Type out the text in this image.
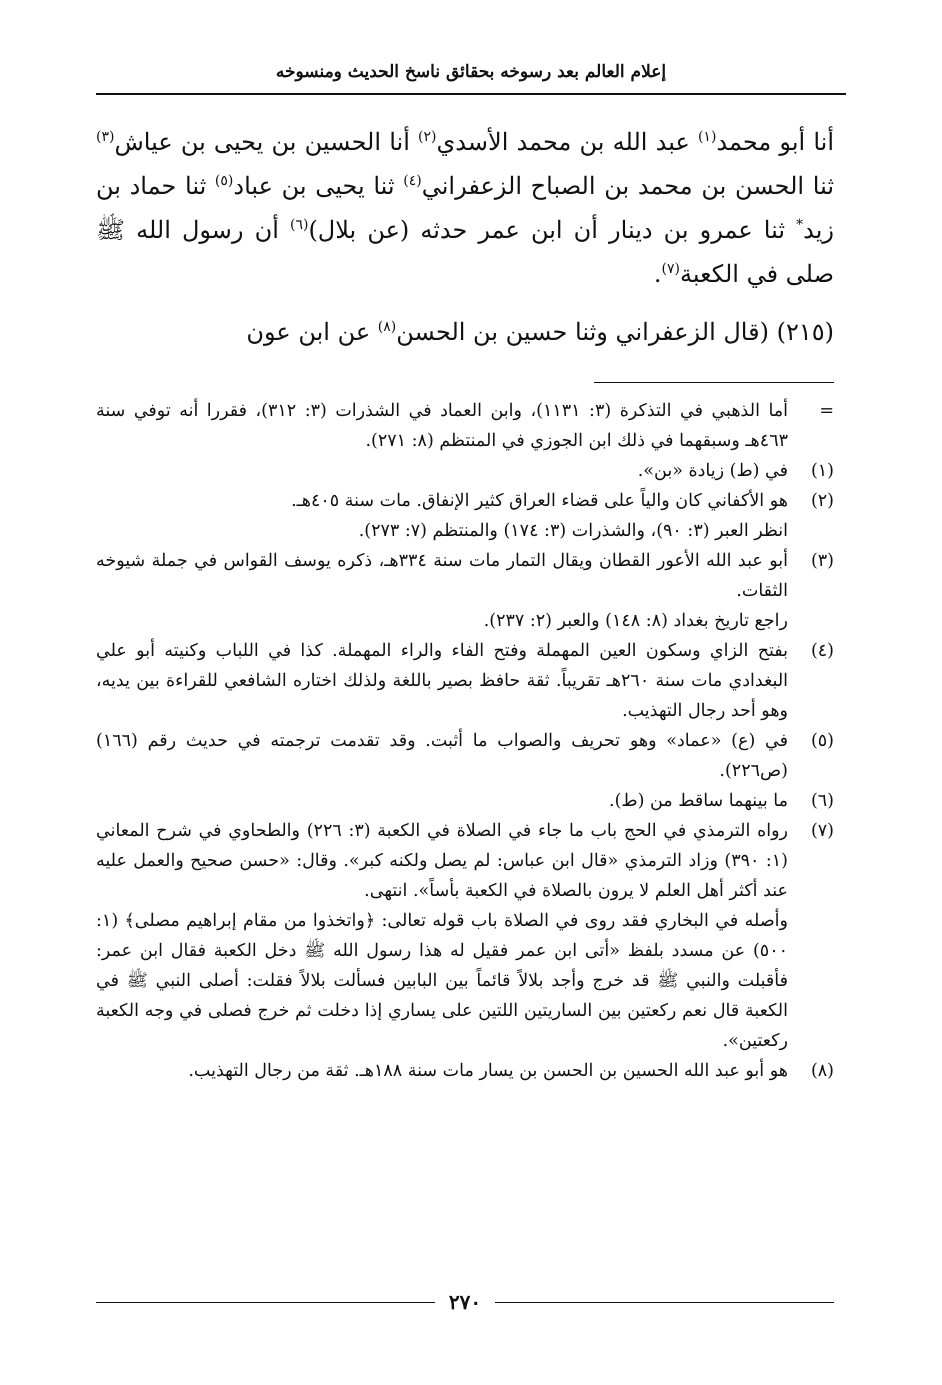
إعلام العالم بعد رسوخه بحقائق ناسخ الحديث ومنسوخه

أنا أبو محمد$^{(١)}$ عبد الله بن محمد الأسدي$^{(٢)}$ أنا الحسين بن يحيى بن عياش$^{(٣)}$ ثنا الحسن بن محمد بن الصباح الزعفراني$^{(٤)}$ ثنا يحيى بن عباد$^{(٥)}$ ثنا حماد بن زيد* ثنا عمرو بن دينار أن ابن عمر حدثه (عن بلال)$^{(٦)}$ أن رسول الله ﷺ صلى في الكعبة$^{(٧)}$.

(٢١٥) (قال الزعفراني وثنا حسين بن الحسن$^{(٨)}$ عن ابن عون

=
أما الذهبي في التذكرة (٣: ١١٣١)، وابن العماد في الشذرات (٣: ٣١٢)، فقررا أنه توفي سنة ٤٦٣هـ وسبقهما في ذلك ابن الجوزي في المنتظم (٨: ٢٧١).
(١)
في (ط) زيادة «بن».
(٢)
هو الأكفاني كان والياً على قضاء العراق كثير الإنفاق. مات سنة ٤٠٥هـ.
انظر العبر (٣: ٩٠)، والشذرات (٣: ١٧٤) والمنتظم (٧: ٢٧٣).
(٣)
أبو عبد الله الأعور القطان ويقال التمار مات سنة ٣٣٤هـ، ذكره يوسف القواس في جملة شيوخه الثقات.
راجع تاريخ بغداد (٨: ١٤٨) والعبر (٢: ٢٣٧).
(٤)
بفتح الزاي وسكون العين المهملة وفتح الفاء والراء المهملة. كذا في اللباب وكنيته أبو علي البغدادي مات سنة ٢٦٠هـ تقريباً. ثقة حافظ بصير باللغة ولذلك اختاره الشافعي للقراءة بين يديه، وهو أحد رجال التهذيب.
(٥)
في (ع) «عماد» وهو تحريف والصواب ما أثبت. وقد تقدمت ترجمته في حديث رقم (١٦٦) (ص٢٢٦).
(٦)
ما بينهما ساقط من (ط).
(٧)
رواه الترمذي في الحج باب ما جاء في الصلاة في الكعبة (٣: ٢٢٦) والطحاوي في شرح المعاني (١: ٣٩٠) وزاد الترمذي «قال ابن عباس: لم يصل ولكنه كبر». وقال: «حسن صحيح والعمل عليه عند أكثر أهل العلم لا يرون بالصلاة في الكعبة بأساً». انتهى.
وأصله في البخاري فقد روى في الصلاة باب قوله تعالى: ﴿واتخذوا من مقام إبراهيم مصلى﴾ (١: ٥٠٠) عن مسدد بلفظ «أتى ابن عمر فقيل له هذا رسول الله ﷺ دخل الكعبة فقال ابن عمر: فأقبلت والنبي ﷺ قد خرج وأجد بلالاً قائماً بين البابين فسألت بلالاً فقلت: أصلى النبي ﷺ في الكعبة قال نعم ركعتين بين الساريتين اللتين على يساري إذا دخلت ثم خرج فصلى في وجه الكعبة ركعتين».
(٨)
هو أبو عبد الله الحسين بن الحسن بن يسار مات سنة ١٨٨هـ. ثقة من رجال التهذيب.
٢٧٠
